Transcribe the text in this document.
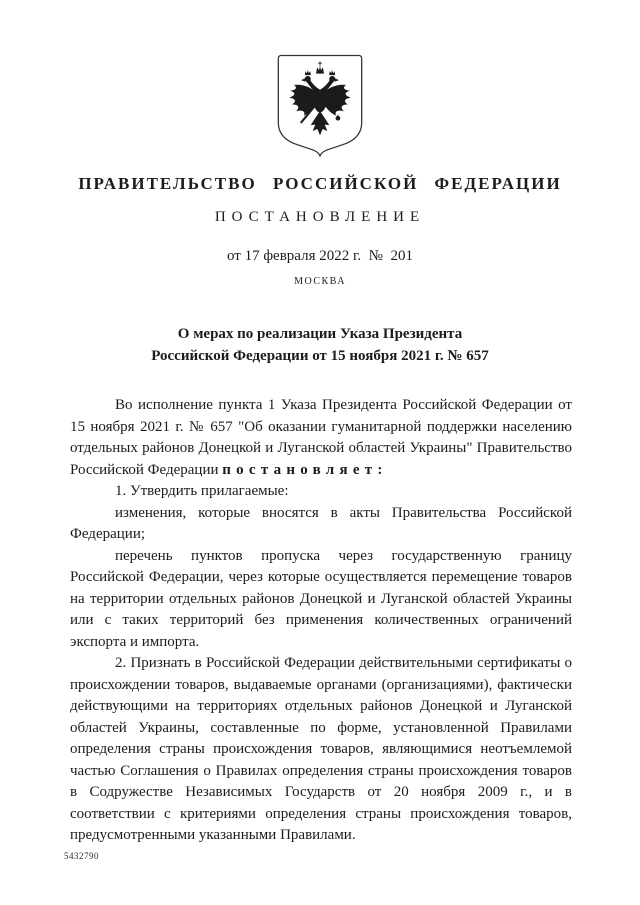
ПРАВИТЕЛЬСТВО РОССИЙСКОЙ ФЕДЕРАЦИИ
ПОСТАНОВЛЕНИЕ
от 17 февраля 2022 г.  №  201
МОСКВА
О мерах по реализации Указа Президента
Российской Федерации от 15 ноября 2021 г. № 657

Во исполнение пункта 1 Указа Президента Российской Федерации от 15 ноября 2021 г. № 657 "Об оказании гуманитарной поддержки населению отдельных районов Донецкой и Луганской областей Украины" Правительство Российской Федерации постановляет:

1. Утвердить прилагаемые:

изменения, которые вносятся в акты Правительства Российской Федерации;

перечень пунктов пропуска через государственную границу Российской Федерации, через которые осуществляется перемещение товаров на территории отдельных районов Донецкой и Луганской областей Украины или с таких территорий без применения количественных ограничений экспорта и импорта.

2. Признать в Российской Федерации действительными сертификаты о происхождении товаров, выдаваемые органами (организациями), фактически действующими на территориях отдельных районов Донецкой и Луганской областей Украины, составленные по форме, установленной Правилами определения страны происхождения товаров, являющимися неотъемлемой частью Соглашения о Правилах определения страны происхождения товаров в Содружестве Независимых Государств от 20 ноября 2009 г., и в соответствии с критериями определения страны происхождения товаров, предусмотренными указанными Правилами.

5432790
